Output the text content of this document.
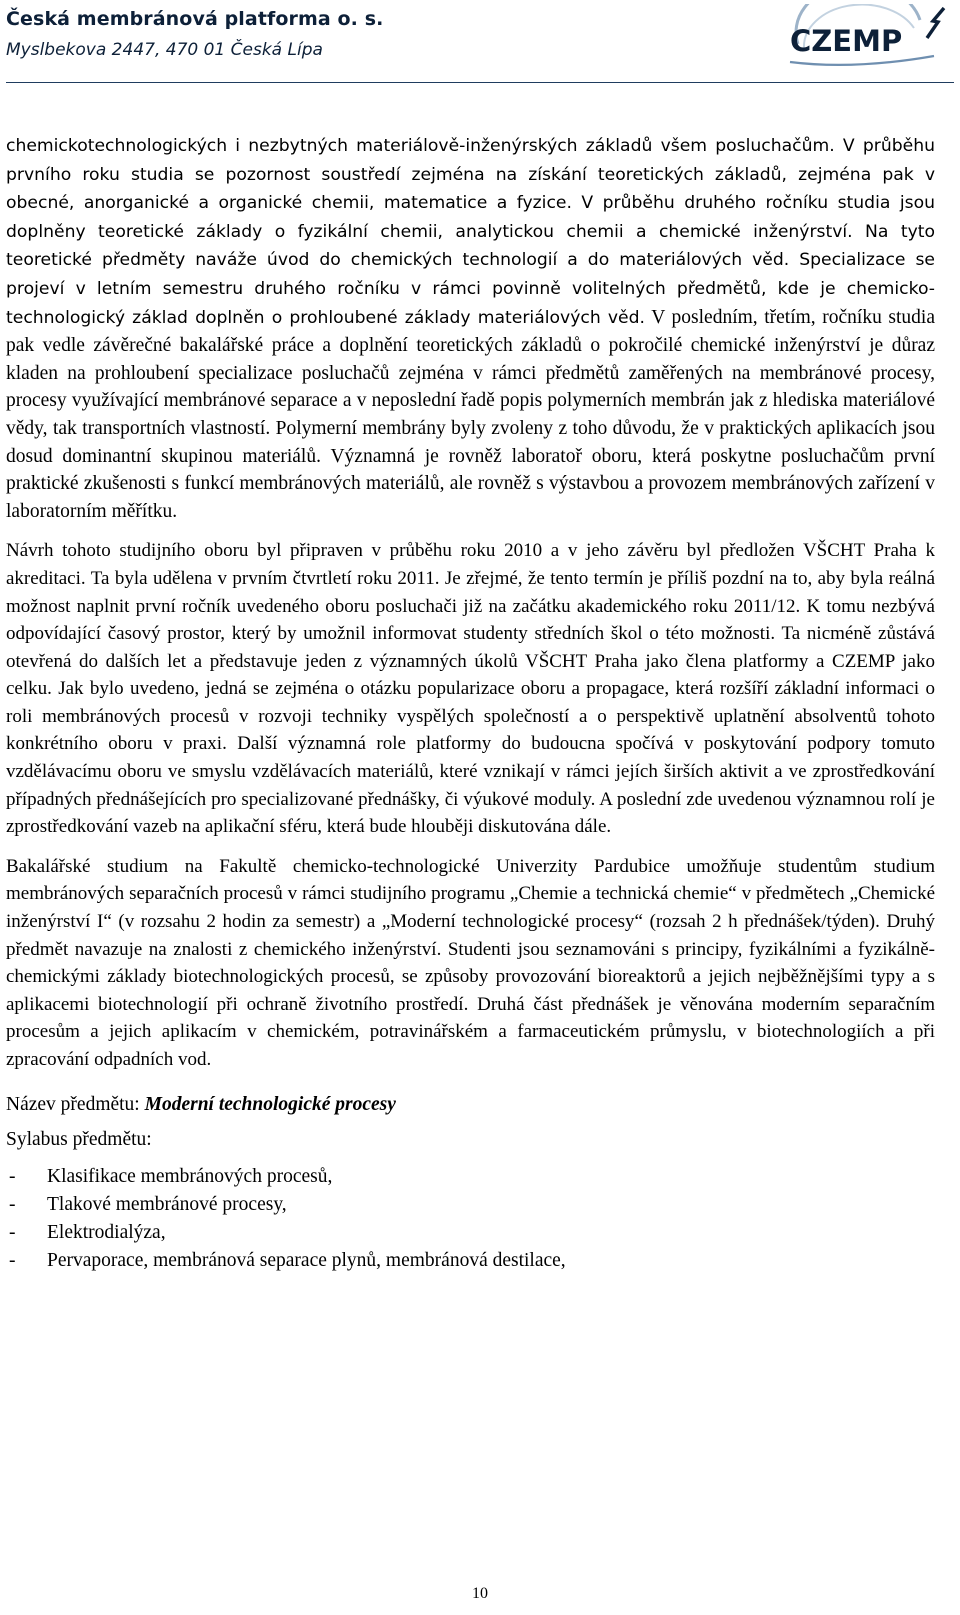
Česká membránová platforma o. s.
Myslbekova 2447, 470 01 Česká Lípa	CZEMP

chemickotechnologických i nezbytných materiálově-inženýrských základů všem posluchačům. V průběhu prvního roku studia se pozornost soustředí zejména na získání teoretických základů, zejména pak v obecné, anorganické a organické chemii, matematice a fyzice. V průběhu druhého ročníku studia jsou doplněny teoretické základy o fyzikální chemii, analytickou chemii a chemické inženýrství. Na tyto teoretické předměty naváže úvod do chemických technologií a do materiálových věd. Specializace se projeví v letním semestru druhého ročníku v rámci povinně volitelných předmětů, kde je chemicko-technologický základ doplněn o prohloubené základy materiálových věd. V posledním, třetím, ročníku studia pak vedle závěrečné bakalářské práce a doplnění teoretických základů o pokročilé chemické inženýrství je důraz kladen na prohloubení specializace posluchačů zejména v rámci předmětů zaměřených na membránové procesy, procesy využívající membránové separace a v neposlední řadě popis polymerních membrán jak z hlediska materiálové vědy, tak transportních vlastností. Polymerní membrány byly zvoleny z toho důvodu, že v praktických aplikacích jsou dosud dominantní skupinou materiálů. Významná je rovněž laboratoř oboru, která poskytne posluchačům první praktické zkušenosti s funkcí membránových materiálů, ale rovněž s výstavbou a provozem membránových zařízení v laboratorním měřítku.

Návrh tohoto studijního oboru byl připraven v průběhu roku 2010 a v jeho závěru byl předložen VŠCHT Praha k akreditaci. Ta byla udělena v prvním čtvrtletí roku 2011. Je zřejmé, že tento termín je příliš pozdní na to, aby byla reálná možnost naplnit první ročník uvedeného oboru posluchači již na začátku akademického roku 2011/12. K tomu nezbývá odpovídající časový prostor, který by umožnil informovat studenty středních škol o této možnosti. Ta nicméně zůstává otevřená do dalších let a představuje jeden z významných úkolů VŠCHT Praha jako člena platformy a CZEMP jako celku. Jak bylo uvedeno, jedná se zejména o otázku popularizace oboru a propagace, která rozšíří základní informaci o roli membránových procesů v rozvoji techniky vyspělých společností a o perspektivě uplatnění absolventů tohoto konkrétního oboru v praxi. Další významná role platformy do budoucna spočívá v poskytování podpory tomuto vzdělávacímu oboru ve smyslu vzdělávacích materiálů, které vznikají v rámci jejích širších aktivit a ve zprostředkování případných přednášejících pro specializované přednášky, či výukové moduly. A poslední zde uvedenou významnou rolí je zprostředkování vazeb na aplikační sféru, která bude hlouběji diskutována dále.

Bakalářské studium na Fakultě chemicko-technologické Univerzity Pardubice umožňuje studentům studium membránových separačních procesů v rámci studijního programu „Chemie a technická chemie“ v předmětech „Chemické inženýrství I“ (v rozsahu 2 hodin za semestr) a „Moderní technologické procesy“ (rozsah 2 h přednášek/týden). Druhý předmět navazuje na znalosti z chemického inženýrství. Studenti jsou seznamováni s principy, fyzikálními a fyzikálně-chemickými základy biotechnologických procesů, se způsoby provozování bioreaktorů a jejich nejběžnějšími typy a s aplikacemi biotechnologií při ochraně životního prostředí. Druhá část přednášek je věnována moderním separačním procesům a jejich aplikacím v chemickém, potravinářském a farmaceutickém průmyslu, v biotechnologiích a při zpracování odpadních vod.

Název předmětu: Moderní technologické procesy

Sylabus předmětu:

- Klasifikace membránových procesů,
- Tlakové membránové procesy,
- Elektrodialýza,
- Pervaporace, membránová separace plynů, membránová destilace,
10
